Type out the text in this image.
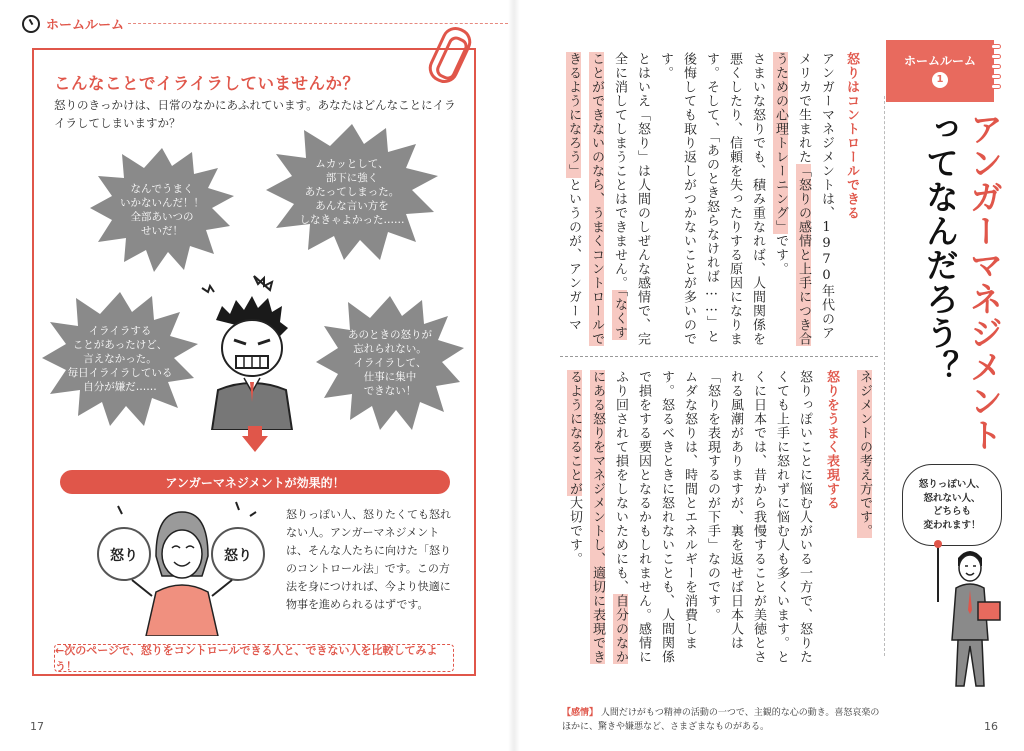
ホームルーム
こんなことでイライラしていませんか？
怒りのきっかけは、日常のなかにあふれています。あなたはどんなことにイライラしてしまいますか？
なんでうまく
いかないんだ！！
全部あいつの
せいだ！
ムカッとして、
部下に強く
あたってしまった。
あんな言い方を
しなきゃよかった……
イライラする
ことがあったけど、
言えなかった。
毎日イライラしている
自分が嫌だ……
あのときの怒りが
忘れられない。
イライラして、
仕事に集中
できない！
アンガーマネジメントが効果的！
怒り	怒り
怒りっぽい人、怒りたくても怒れない人。アンガーマネジメントは、そんな人たちに向けた「怒りのコントロール法」です。この方法を身につければ、今より快適に物事を進められるはずです。
←次のページで、怒りをコントロールできる人と、できない人を比較してみよう！
17
ホームルーム
1
アンガーマネジメントってなんだろう？
怒りはコントロールできる
アンガーマネジメントは、1970年代のアメリカで生まれた「怒りの感情と上手につき合うための心理トレーニング」です。
さまいな怒りでも、積み重なれば、人間関係を悪くしたり、信頼を失ったりする原因になります。そして、「あのとき怒らなければ……」と後悔しても取り返しがつかないことが多いのです。
とはいえ「怒り」は人間のしぜんな感情で、完全に消してしまうことはできません。「なくすことができないのなら、うまくコントロールできるようになろう」というのが、アンガーマ
ネジメントの考え方です。
怒りをうまく表現する
怒りっぽいことに悩む人がいる一方で、怒りたくても上手に怒れずに悩む人も多くいます。とくに日本では、昔から我慢することが美徳とされる風潮がありますが、裏を返せば日本人は「怒りを表現するのが下手」なのです。
ムダな怒りは、時間とエネルギーを消費します。怒るべきときに怒れないことも、人間関係で損をする要因となるかもしれません。感情にふり回されて損をしないためにも、自分のなかにある怒りをマネジメントし、適切に表現できるようになることが大切です。
怒りっぽい人、
怒れない人、
どちらも
変われます！
【感情】 人間だけがもつ精神の活動の一つで、主観的な心の動き。喜怒哀楽のほかに、驚きや嫌悪など、さまざまなものがある。	16
